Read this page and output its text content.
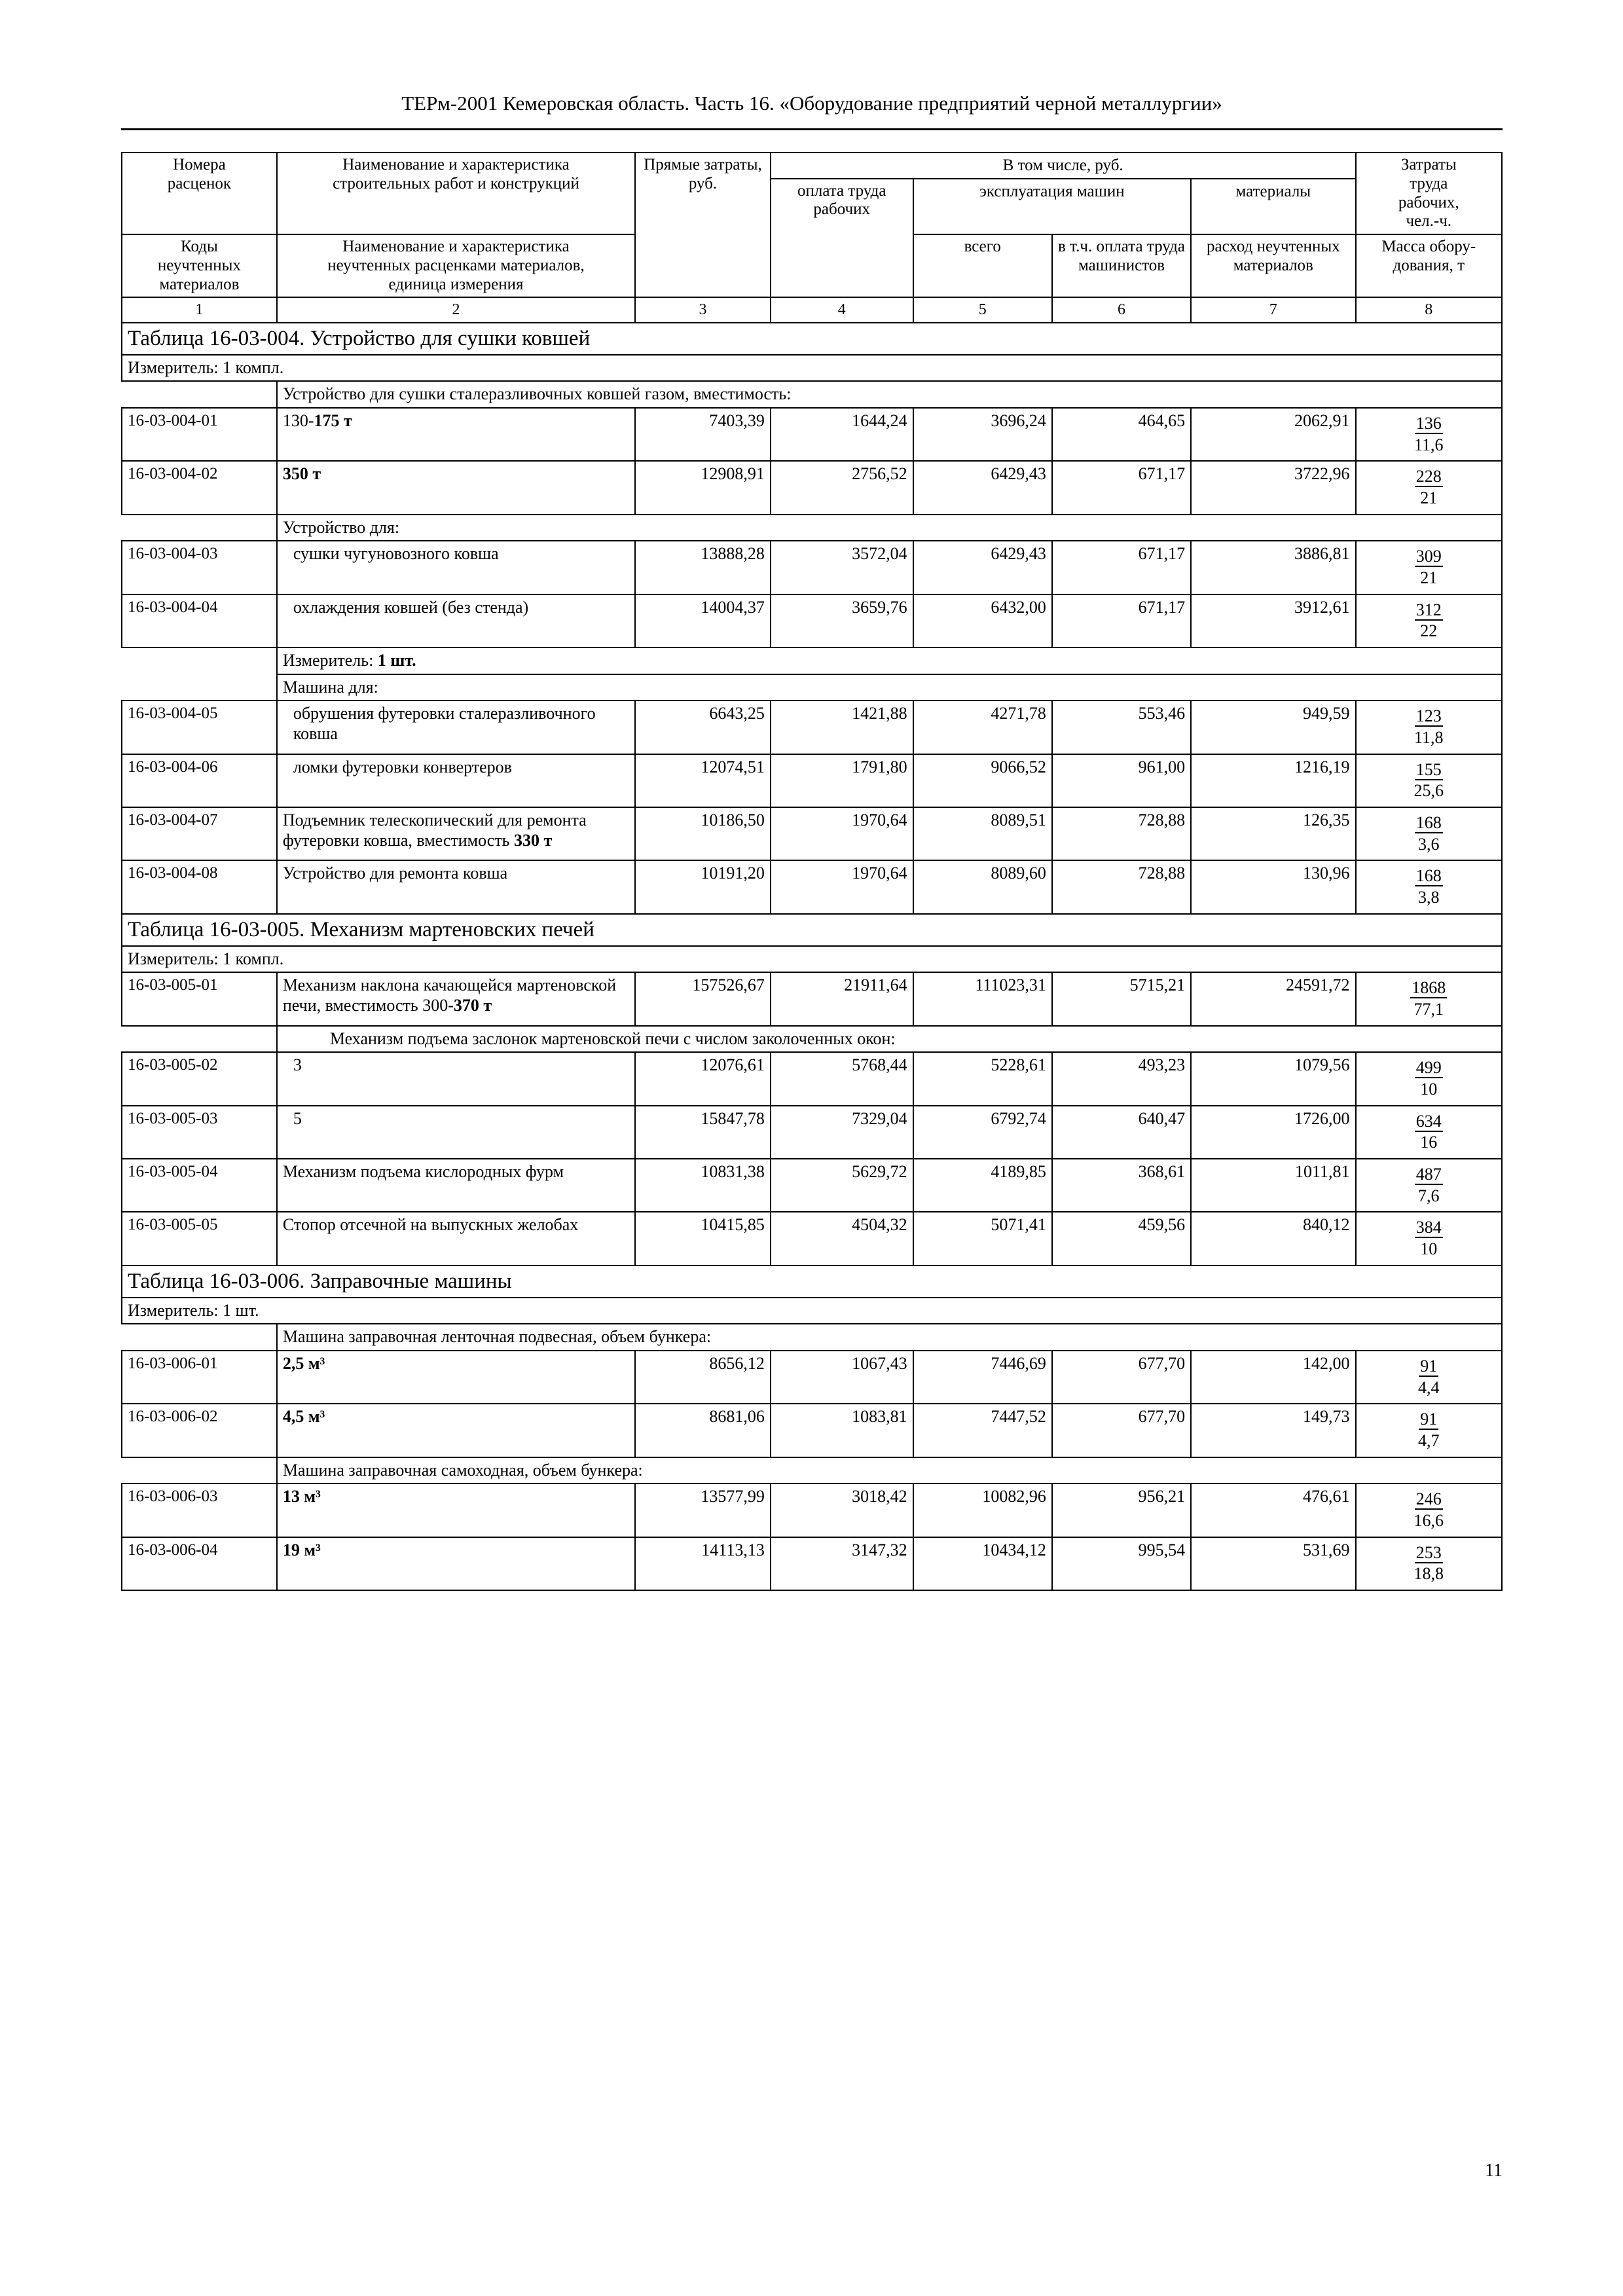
ТЕРм-2001 Кемеровская область. Часть 16. «Оборудование предприятий черной металлургии»
Номера
расценок	Наименование и характеристика
строительных работ и конструкций	Прямые затраты, руб.	В том числе, руб.				Затраты
труда
рабочих,
чел.-ч.

			оплата труда рабочих	эксплуатация машин		материалы	

Коды
неучтенных
материалов	Наименование и характеристика
неучтенных расценками материалов,
единица измерения			всего	в т.ч. оплата труда машинистов	расход неучтенных материалов	Масса обору-
дования, т

1	2	3	4	5	6	7	8
Таблица 16-03-004. Устройство для сушки ковшей							
Измеритель: 1 компл.							
	Устройство для сушки сталеразливочных ковшей газом, вместимость:						
16-03-004-01	130-175 т	7403,39	1644,24	3696,24	464,65	2062,91	136
11,6

16-03-004-02	350 т	12908,91	2756,52	6429,43	671,17	3722,96	228
21

	Устройство для:						
16-03-004-03	сушки чугуновозного ковша	13888,28	3572,04	6429,43	671,17	3886,81	309
21

16-03-004-04	охлаждения ковшей (без стенда)	14004,37	3659,76	6432,00	671,17	3912,61	312
22

	Измеритель: 1 шт.						
	Машина для:						
16-03-004-05	обрушения футеровки сталеразливочного ковша	6643,25	1421,88	4271,78	553,46	949,59	123
11,8

16-03-004-06	ломки футеровки конвертеров	12074,51	1791,80	9066,52	961,00	1216,19	155
25,6

16-03-004-07	Подъемник телескопический для ремонта футеровки ковша, вместимость 330 т	10186,50	1970,64	8089,51	728,88	126,35	168
3,6

16-03-004-08	Устройство для ремонта ковша	10191,20	1970,64	8089,60	728,88	130,96	168
3,8

Таблица 16-03-005. Механизм мартеновских печей							
Измеритель: 1 компл.							
16-03-005-01	Механизм наклона качающейся мартеновской печи, вместимость 300-370 т	157526,67	21911,64	111023,31	5715,21	24591,72	1868
77,1

	Механизм подъема заслонок мартеновской печи с числом заколоченных окон:						
16-03-005-02	3	12076,61	5768,44	5228,61	493,23	1079,56	499
10

16-03-005-03	5	15847,78	7329,04	6792,74	640,47	1726,00	634
16

16-03-005-04	Механизм подъема кислородных фурм	10831,38	5629,72	4189,85	368,61	1011,81	487
7,6

16-03-005-05	Стопор отсечной на выпускных желобах	10415,85	4504,32	5071,41	459,56	840,12	384
10

Таблица 16-03-006. Заправочные машины							
Измеритель: 1 шт.							
	Машина заправочная ленточная подвесная, объем бункера:						
16-03-006-01	2,5 м³	8656,12	1067,43	7446,69	677,70	142,00	91
4,4

16-03-006-02	4,5 м³	8681,06	1083,81	7447,52	677,70	149,73	91
4,7

	Машина заправочная самоходная, объем бункера:						
16-03-006-03	13 м³	13577,99	3018,42	10082,96	956,21	476,61	246
16,6

16-03-006-04	19 м³	14113,13	3147,32	10434,12	995,54	531,69	253
18,8
11
